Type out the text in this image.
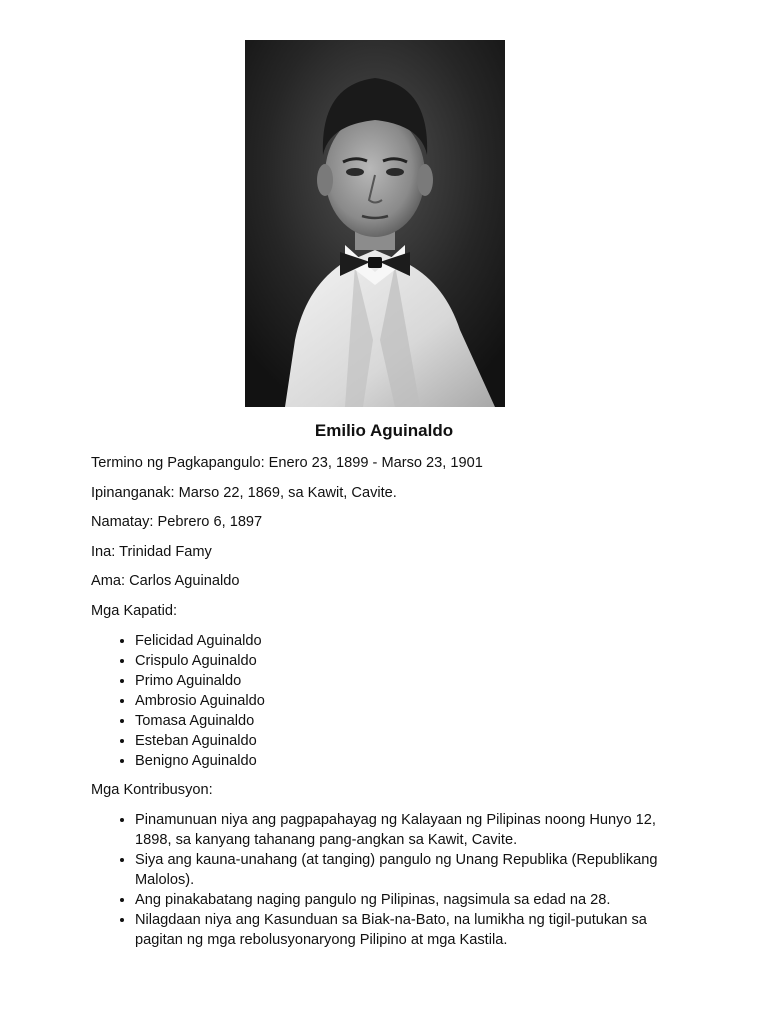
Emilio Aguinaldo

Termino ng Pagkapangulo: Enero 23, 1899 - Marso 23, 1901

Ipinanganak: Marso 22, 1869, sa Kawit, Cavite.

Namatay: Pebrero 6, 1897

Ina: Trinidad Famy

Ama: Carlos Aguinaldo

Mga Kapatid:

• Felicidad Aguinaldo
• Crispulo Aguinaldo
• Primo Aguinaldo
• Ambrosio Aguinaldo
• Tomasa Aguinaldo
• Esteban Aguinaldo
• Benigno Aguinaldo

Mga Kontribusyon:

• Pinamunuan niya ang pagpapahayag ng Kalayaan ng Pilipinas noong Hunyo 12, 1898, sa kanyang tahanang pang-angkan sa Kawit, Cavite.
• Siya ang kauna-unahang (at tanging) pangulo ng Unang Republika (Republikang Malolos).
• Ang pinakabatang naging pangulo ng Pilipinas, nagsimula sa edad na 28.
• Nilagdaan niya ang Kasunduan sa Biak-na-Bato, na lumikha ng tigil-putukan sa pagitan ng mga rebolusyonaryong Pilipino at mga Kastila.
